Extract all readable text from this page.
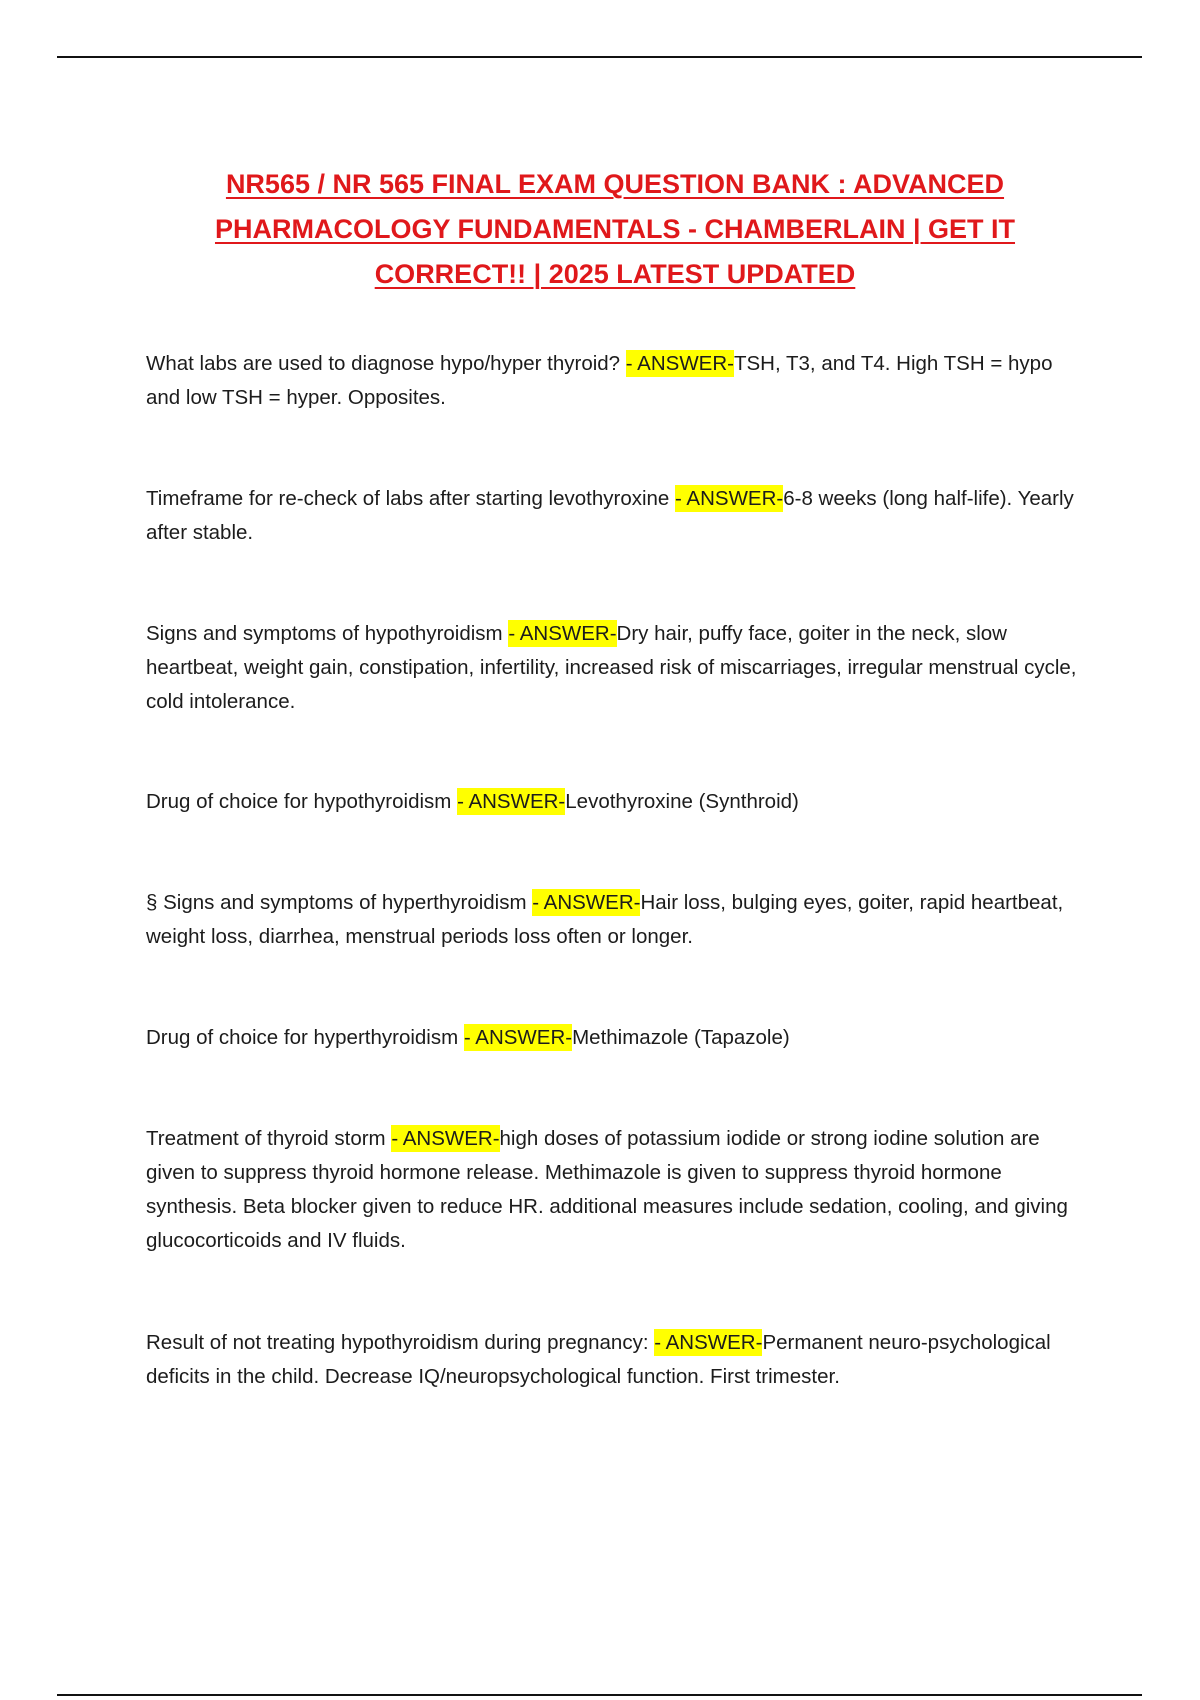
NR565 / NR 565 FINAL EXAM QUESTION BANK : ADVANCED PHARMACOLOGY FUNDAMENTALS - CHAMBERLAIN | GET IT CORRECT!! | 2025 LATEST UPDATED

What labs are used to diagnose hypo/hyper thyroid? - ANSWER-TSH, T3, and T4. High TSH = hypo and low TSH = hyper. Opposites.

Timeframe for re-check of labs after starting levothyroxine - ANSWER-6-8 weeks (long half-life). Yearly after stable.

Signs and symptoms of hypothyroidism - ANSWER-Dry hair, puffy face, goiter in the neck, slow heartbeat, weight gain, constipation, infertility, increased risk of miscarriages, irregular menstrual cycle, cold intolerance.

Drug of choice for hypothyroidism - ANSWER-Levothyroxine (Synthroid)

§ Signs and symptoms of hyperthyroidism - ANSWER-Hair loss, bulging eyes, goiter, rapid heartbeat, weight loss, diarrhea, menstrual periods loss often or longer.

Drug of choice for hyperthyroidism - ANSWER-Methimazole (Tapazole)

Treatment of thyroid storm - ANSWER-high doses of potassium iodide or strong iodine solution are given to suppress thyroid hormone release. Methimazole is given to suppress thyroid hormone synthesis. Beta blocker given to reduce HR. additional measures include sedation, cooling, and giving glucocorticoids and IV fluids.

Result of not treating hypothyroidism during pregnancy: - ANSWER-Permanent neuro-psychological deficits in the child. Decrease IQ/neuropsychological function. First trimester.
